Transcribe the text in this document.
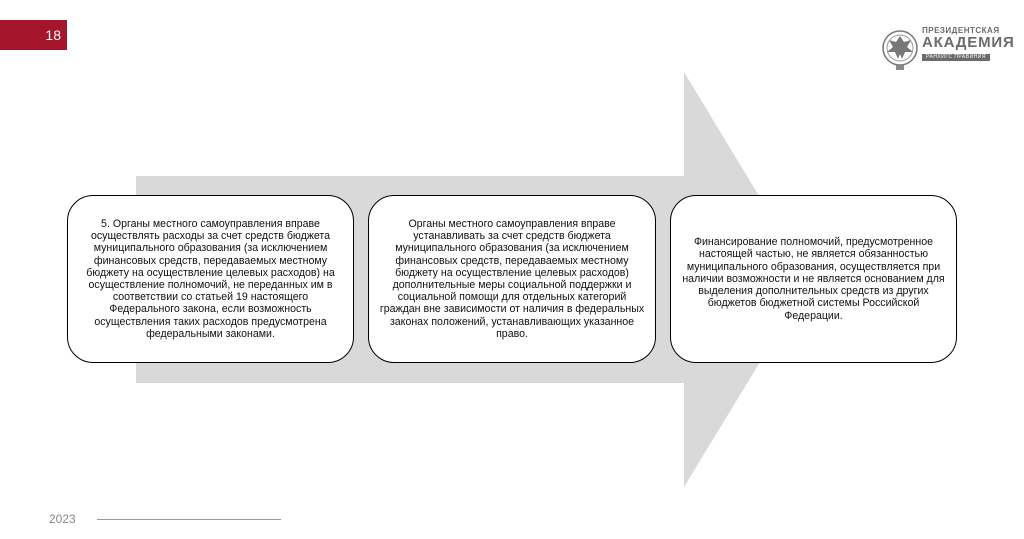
18	ПРЕЗИДЕНТСКАЯ
АКАДЕМИЯ
РАНХИГС ПРАВИНИЯ
5. Органы местного самоуправления вправе осуществлять расходы за счет средств бюджета муниципального образования (за исключением финансовых средств, передаваемых местному бюджету на осуществление целевых расходов) на осуществление полномочий, не переданных им в соответствии со статьей 19 настоящего Федерального закона, если возможность осуществления таких расходов предусмотрена федеральными законами.
Органы местного самоуправления вправе устанавливать за счет средств бюджета муниципального образования (за исключением финансовых средств, передаваемых местному бюджету на осуществление целевых расходов) дополнительные меры социальной поддержки и социальной помощи для отдельных категорий граждан вне зависимости от наличия в федеральных законах положений, устанавливающих указанное право.
Финансирование полномочий, предусмотренное настоящей частью, не является обязанностью муниципального образования, осуществляется при наличии возможности и не является основанием для выделения дополнительных средств из других бюджетов бюджетной системы Российской Федерации.
2023
